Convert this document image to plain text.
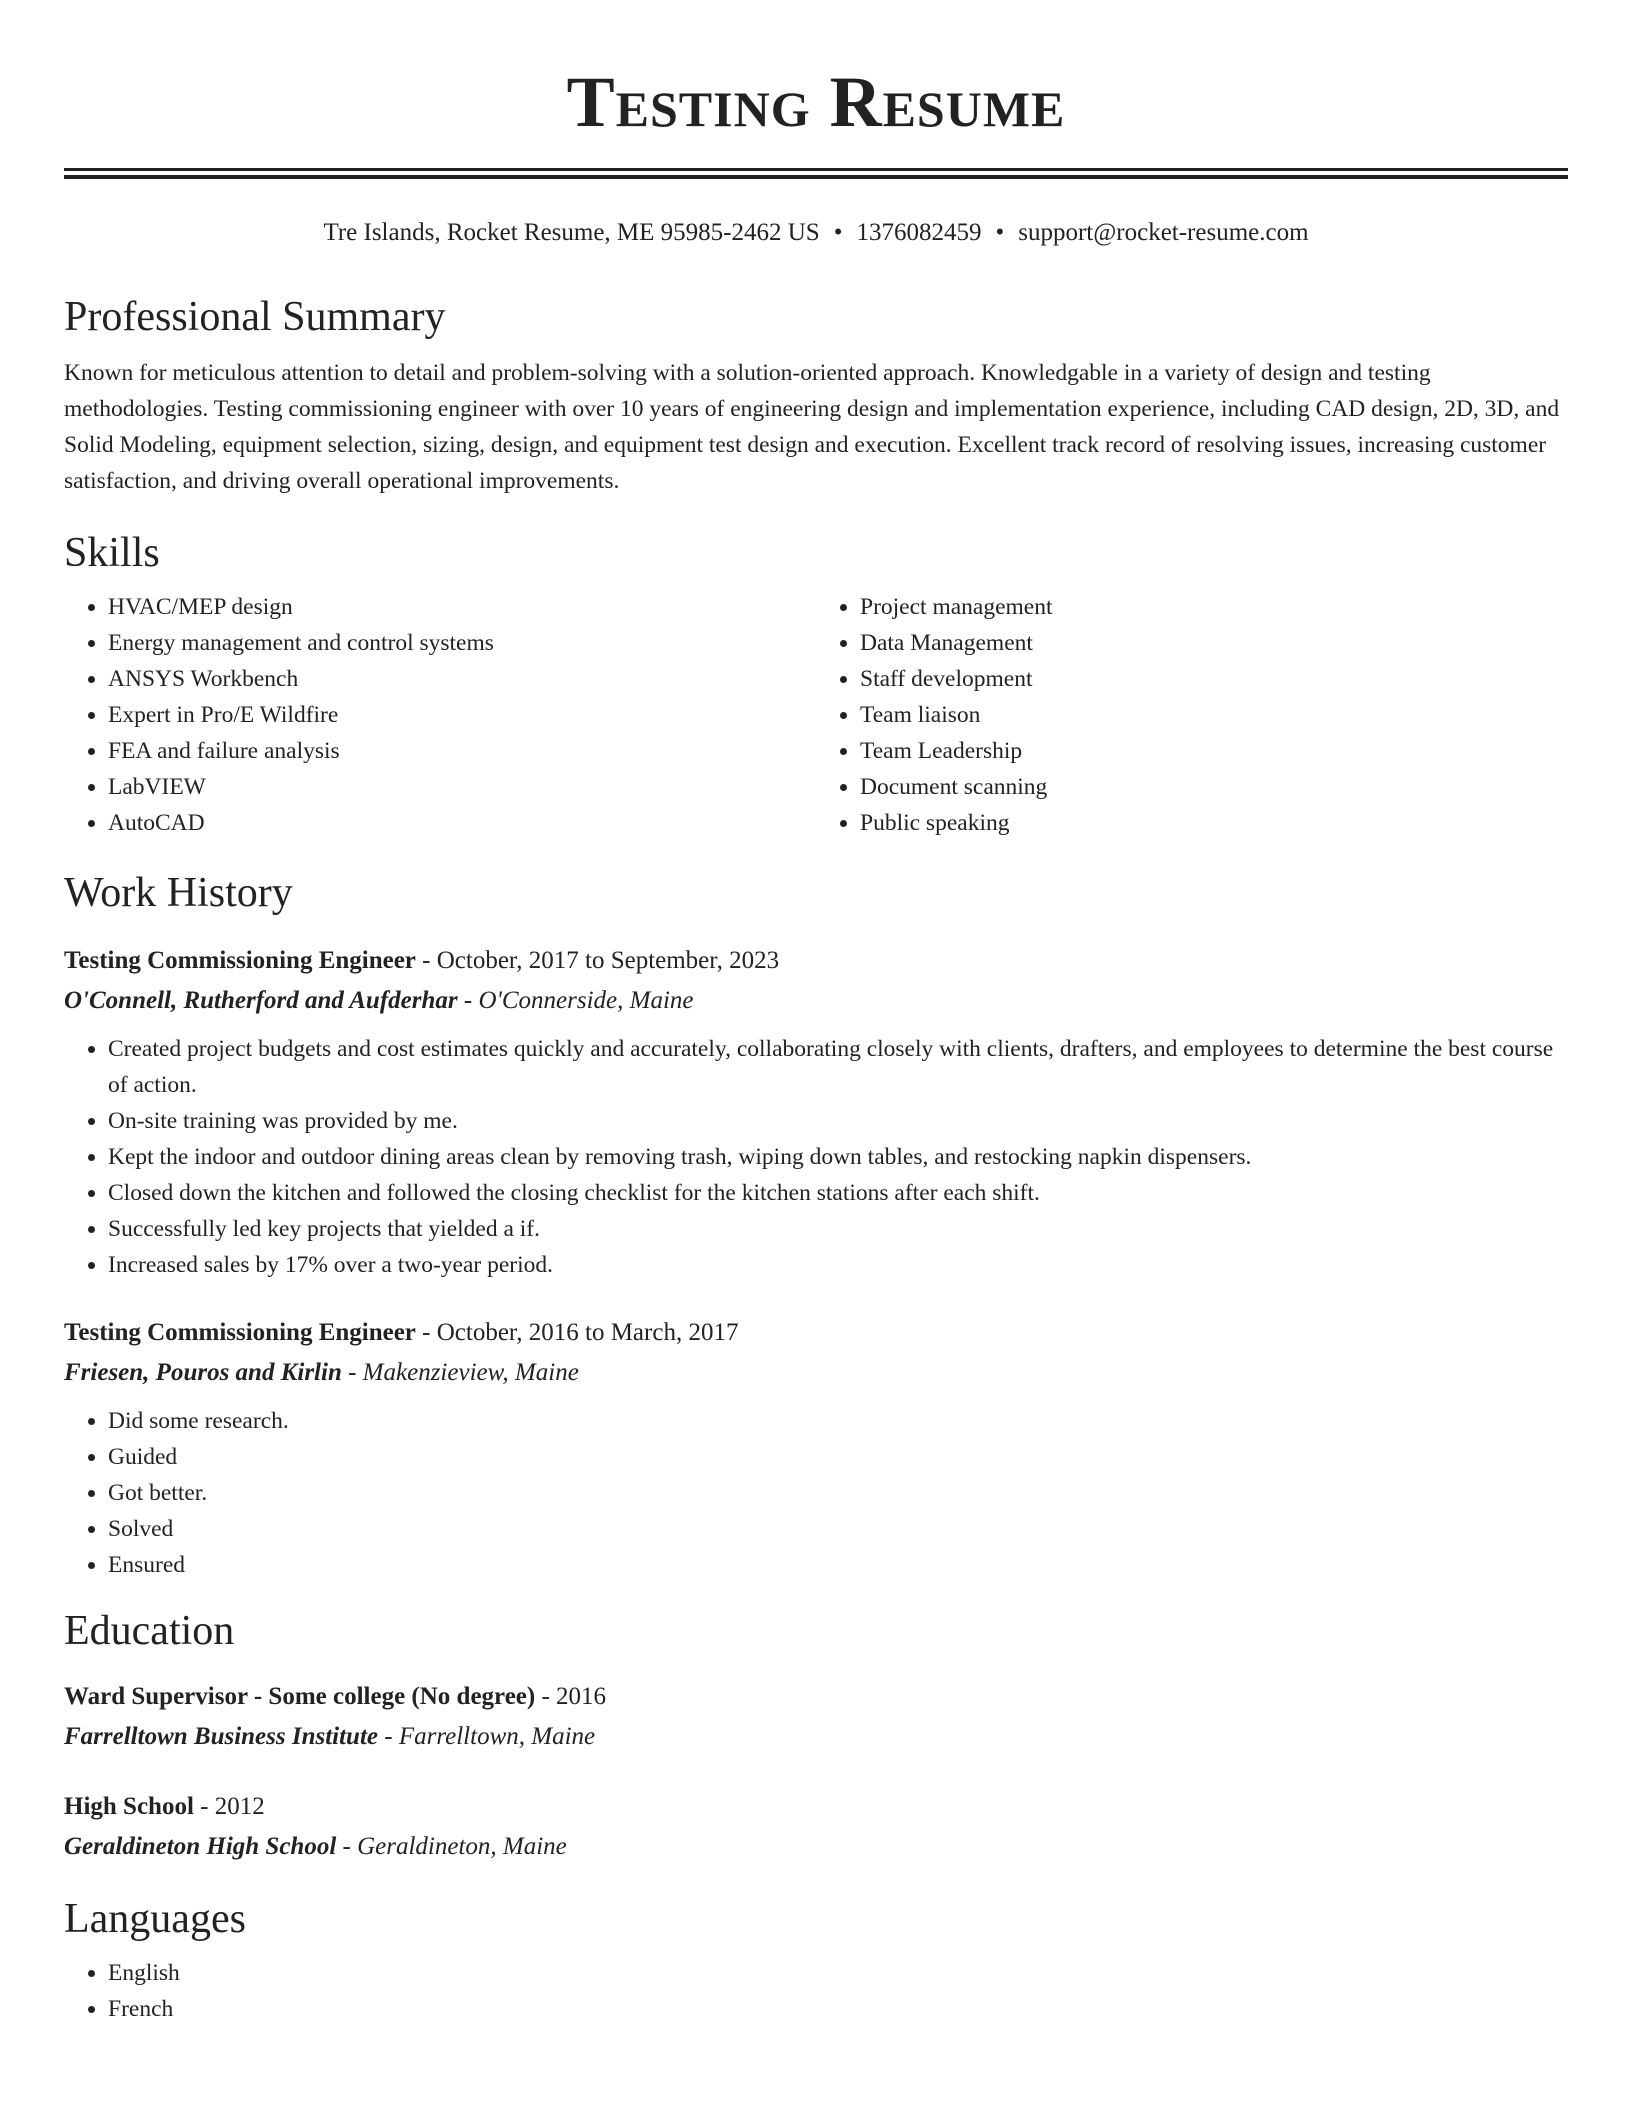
Testing Resume
Tre Islands, Rocket Resume, ME 95985-2462 US • 1376082459 • support@rocket-resume.com
Professional Summary

Known for meticulous attention to detail and problem-solving with a solution-oriented approach. Knowledgable in a variety of design and testing methodologies. Testing commissioning engineer with over 10 years of engineering design and implementation experience, including CAD design, 2D, 3D, and Solid Modeling, equipment selection, sizing, design, and equipment test design and execution. Excellent track record of resolving issues, increasing customer satisfaction, and driving overall operational improvements.

Skills
• HVAC/MEP design
• Energy management and control systems
• ANSYS Workbench
• Expert in Pro/E Wildfire
• FEA and failure analysis
• LabVIEW
• AutoCAD
• Project management
• Data Management
• Staff development
• Team liaison
• Team Leadership
• Document scanning
• Public speaking
Work History
Testing Commissioning Engineer - October, 2017 to September, 2023
O'Connell, Rutherford and Aufderhar - O'Connerside, Maine
• Created project budgets and cost estimates quickly and accurately, collaborating closely with clients, drafters, and employees to determine the best course of action.
• On-site training was provided by me.
• Kept the indoor and outdoor dining areas clean by removing trash, wiping down tables, and restocking napkin dispensers.
• Closed down the kitchen and followed the closing checklist for the kitchen stations after each shift.
• Successfully led key projects that yielded a if.
• Increased sales by 17% over a two-year period.
Testing Commissioning Engineer - October, 2016 to March, 2017
Friesen, Pouros and Kirlin - Makenzieview, Maine
• Did some research.
• Guided
• Got better.
• Solved
• Ensured
Education
Ward Supervisor - Some college (No degree) - 2016
Farrelltown Business Institute - Farrelltown, Maine
High School - 2012
Geraldineton High School - Geraldineton, Maine
Languages
• English
• French
